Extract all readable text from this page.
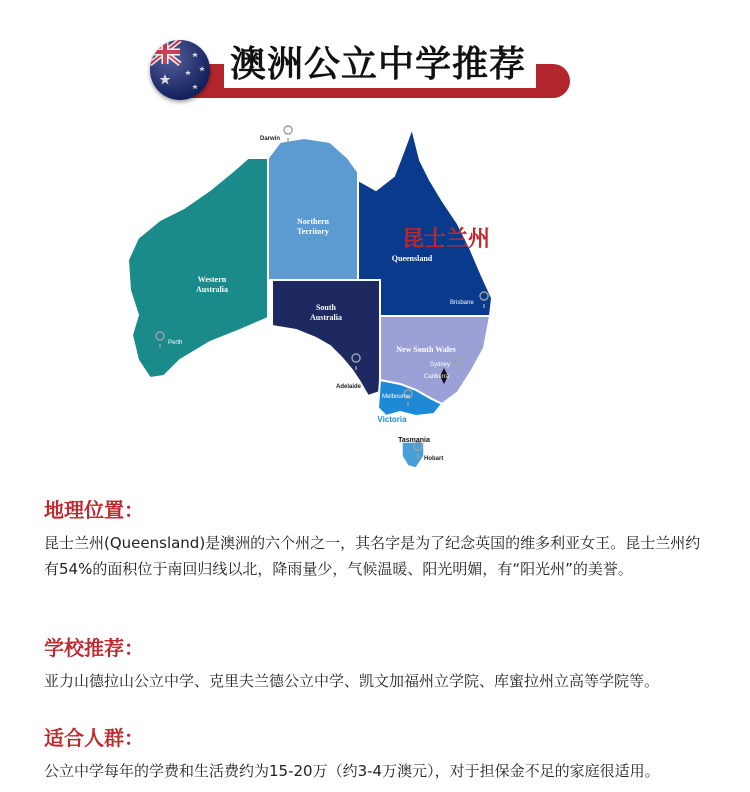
澳洲公立中学推荐
Western
Australia
Northern
Territory
South
Australia
Queensland
New South Wales
Victoria
Tasmania
昆士兰州
Darwin
Perth
Adelaide
Brisbane
Sydney
Canberra
Melbourne
Hobart
地理位置：
昆士兰州(Queensland)是澳洲的六个州之一，其名字是为了纪念英国的维多利亚女王。昆士兰州约有54%的面积位于南回归线以北，降雨量少，气候温暖、阳光明媚，有“阳光州”的美誉。
学校推荐：
亚力山德拉山公立中学、克里夫兰德公立中学、凯文加福州立学院、库蜜拉州立高等学院等。
适合人群：
公立中学每年的学费和生活费约为15-20万（约3-4万澳元），对于担保金不足的家庭很适用。
